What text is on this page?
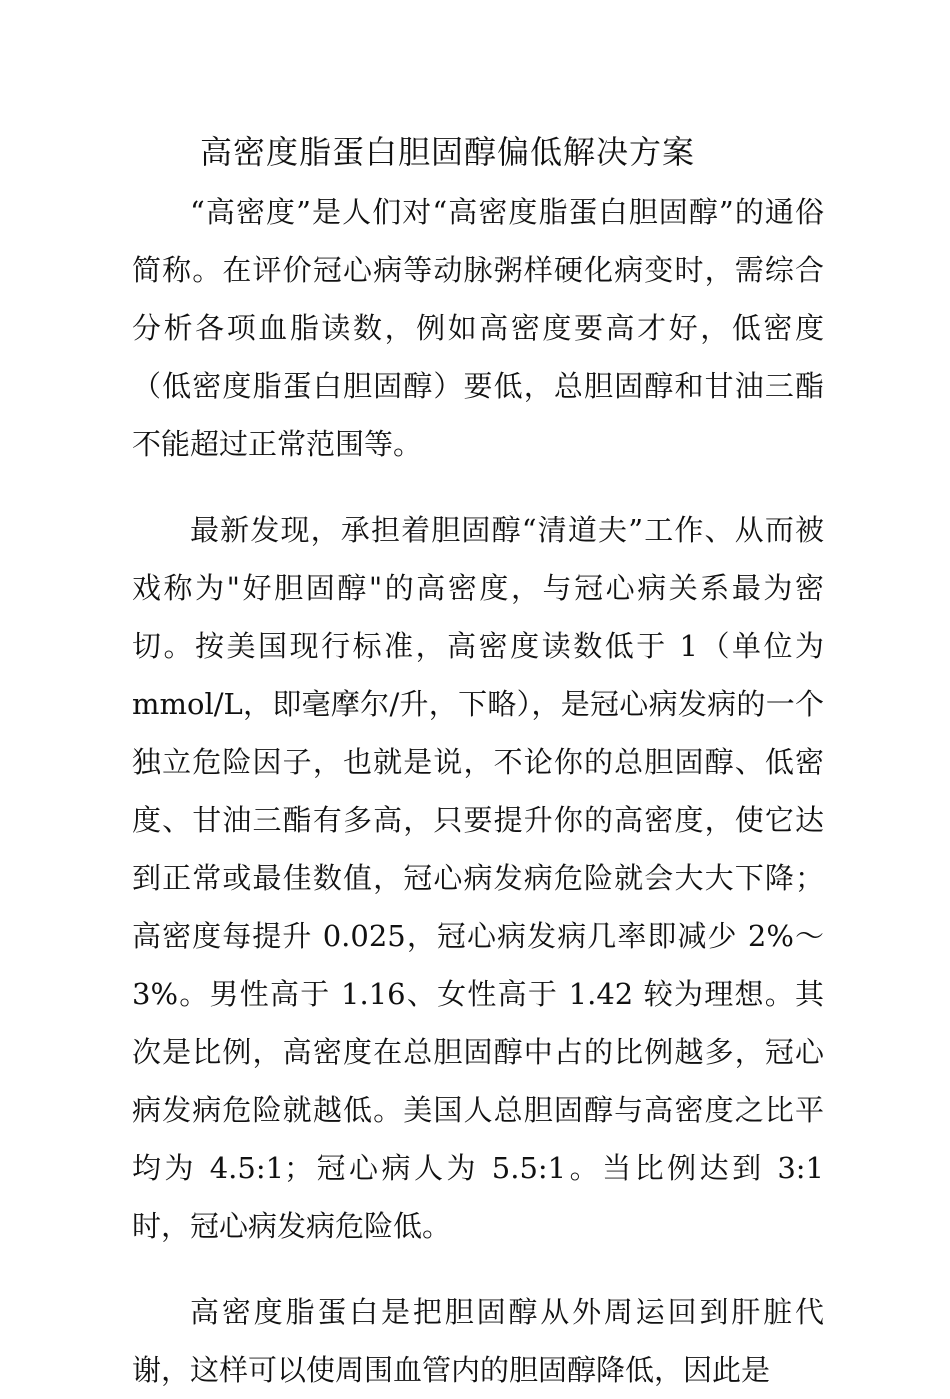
高密度脂蛋白胆固醇偏低解决方案

“高密度”是人们对“高密度脂蛋白胆固醇”的通俗简称。在评价冠心病等动脉粥样硬化病变时，需综合分析各项血脂读数，例如高密度要高才好，低密度（低密度脂蛋白胆固醇）要低，总胆固醇和甘油三酯不能超过正常范围等。

最新发现，承担着胆固醇“清道夫”工作、从而被戏称为"好胆固醇"的高密度，与冠心病关系最为密切。按美国现行标准，高密度读数低于 1（单位为 mmol/L，即毫摩尔/升，下略），是冠心病发病的一个独立危险因子，也就是说，不论你的总胆固醇、低密度、甘油三酯有多高，只要提升你的高密度，使它达到正常或最佳数值，冠心病发病危险就会大大下降；高密度每提升 0.025，冠心病发病几率即减少 2%～3%。男性高于 1.16、女性高于 1.42 较为理想。其次是比例，高密度在总胆固醇中占的比例越多，冠心病发病危险就越低。美国人总胆固醇与高密度之比平均为 4.5:1；冠心病人为 5.5:1。当比例达到 3:1 时，冠心病发病危险低。

高密度脂蛋白是把胆固醇从外周运回到肝脏代谢，这样可以使周围血管内的胆固醇降低，因此是
